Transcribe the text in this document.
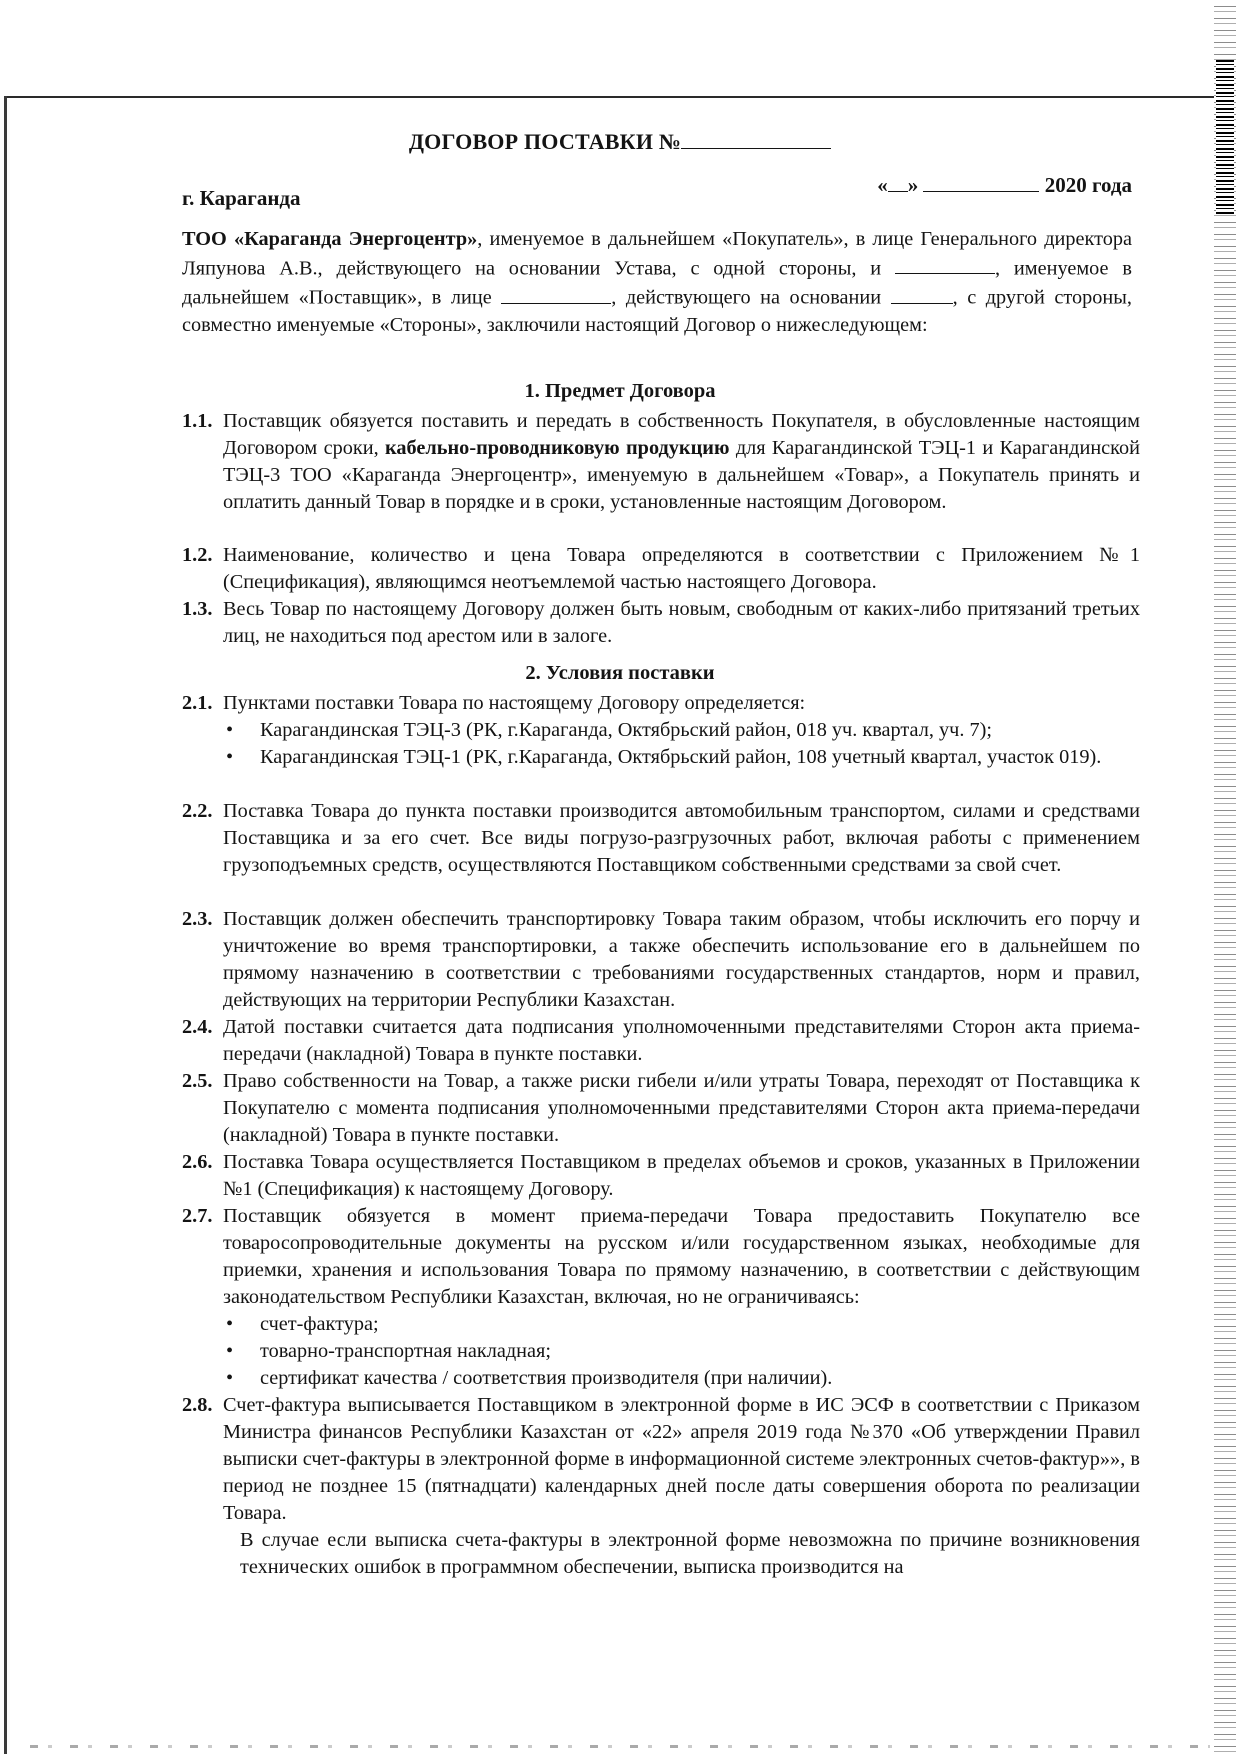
ДОГОВОР ПОСТАВКИ №
г. Караганда
« »	2020 года
ТОО «Караганда Энергоцентр», именуемое в дальнейшем «Покупатель», в лице Генерального директора Ляпунова А.В., действующего на основании Устава, с одной стороны, и	, именуемое в дальнейшем «Поставщик», в лице	, действующего на основании	, с другой стороны, совместно именуемые «Стороны», заключили настоящий Договор о нижеследующем:
1. Предмет Договора
1.1. Поставщик обязуется поставить и передать в собственность Покупателя, в обусловленные настоящим Договором сроки, кабельно-проводниковую продукцию для Карагандинской ТЭЦ-1 и Карагандинской ТЭЦ-3 ТОО «Караганда Энергоцентр», именуемую в дальнейшем «Товар», а Покупатель принять и оплатить данный Товар в порядке и в сроки, установленные настоящим Договором.
1.2. Наименование, количество и цена Товара определяются в соответствии с Приложением №1 (Спецификация), являющимся неотъемлемой частью настоящего Договора.
1.3. Весь Товар по настоящему Договору должен быть новым, свободным от каких-либо притязаний третьих лиц, не находиться под арестом или в залоге.
2. Условия поставки
2.1. Пунктами поставки Товара по настоящему Договору определяется:
• Карагандинская ТЭЦ-3 (РК, г.Караганда, Октябрьский район, 018 уч. квартал, уч. 7);
• Карагандинская ТЭЦ-1 (РК, г.Караганда, Октябрьский район, 108 учетный квартал, участок 019).
2.2. Поставка Товара до пункта поставки производится автомобильным транспортом, силами и средствами Поставщика и за его счет. Все виды погрузо-разгрузочных работ, включая работы с применением грузоподъемных средств, осуществляются Поставщиком собственными средствами за свой счет.
2.3. Поставщик должен обеспечить транспортировку Товара таким образом, чтобы исключить его порчу и уничтожение во время транспортировки, а также обеспечить использование его в дальнейшем по прямому назначению в соответствии с требованиями государственных стандартов, норм и правил, действующих на территории Республики Казахстан.
2.4. Датой поставки считается дата подписания уполномоченными представителями Сторон акта приема-передачи (накладной) Товара в пункте поставки.
2.5. Право собственности на Товар, а также риски гибели и/или утраты Товара, переходят от Поставщика к Покупателю с момента подписания уполномоченными представителями Сторон акта приема-передачи (накладной) Товара в пункте поставки.
2.6. Поставка Товара осуществляется Поставщиком в пределах объемов и сроков, указанных в Приложении №1 (Спецификация) к настоящему Договору.
2.7. Поставщик обязуется в момент приема-передачи Товара предоставить Покупателю все товаросопроводительные документы на русском и/или государственном языках, необходимые для приемки, хранения и использования Товара по прямому назначению, в соответствии с действующим законодательством Республики Казахстан, включая, но не ограничиваясь:
• счет-фактура;
• товарно-транспортная накладная;
• сертификат качества / соответствия производителя (при наличии).
2.8. Счет-фактура выписывается Поставщиком в электронной форме в ИС ЭСФ в соответствии с Приказом Министра финансов Республики Казахстан от «22» апреля 2019 года №370 «Об утверждении Правил выписки счет-фактуры в электронной форме в информационной системе электронных счетов-фактур»», в период не позднее 15 (пятнадцати) календарных дней после даты совершения оборота по реализации Товара.
В случае если выписка счета-фактуры в электронной форме невозможна по причине возникновения технических ошибок в программном обеспечении, выписка производится на
